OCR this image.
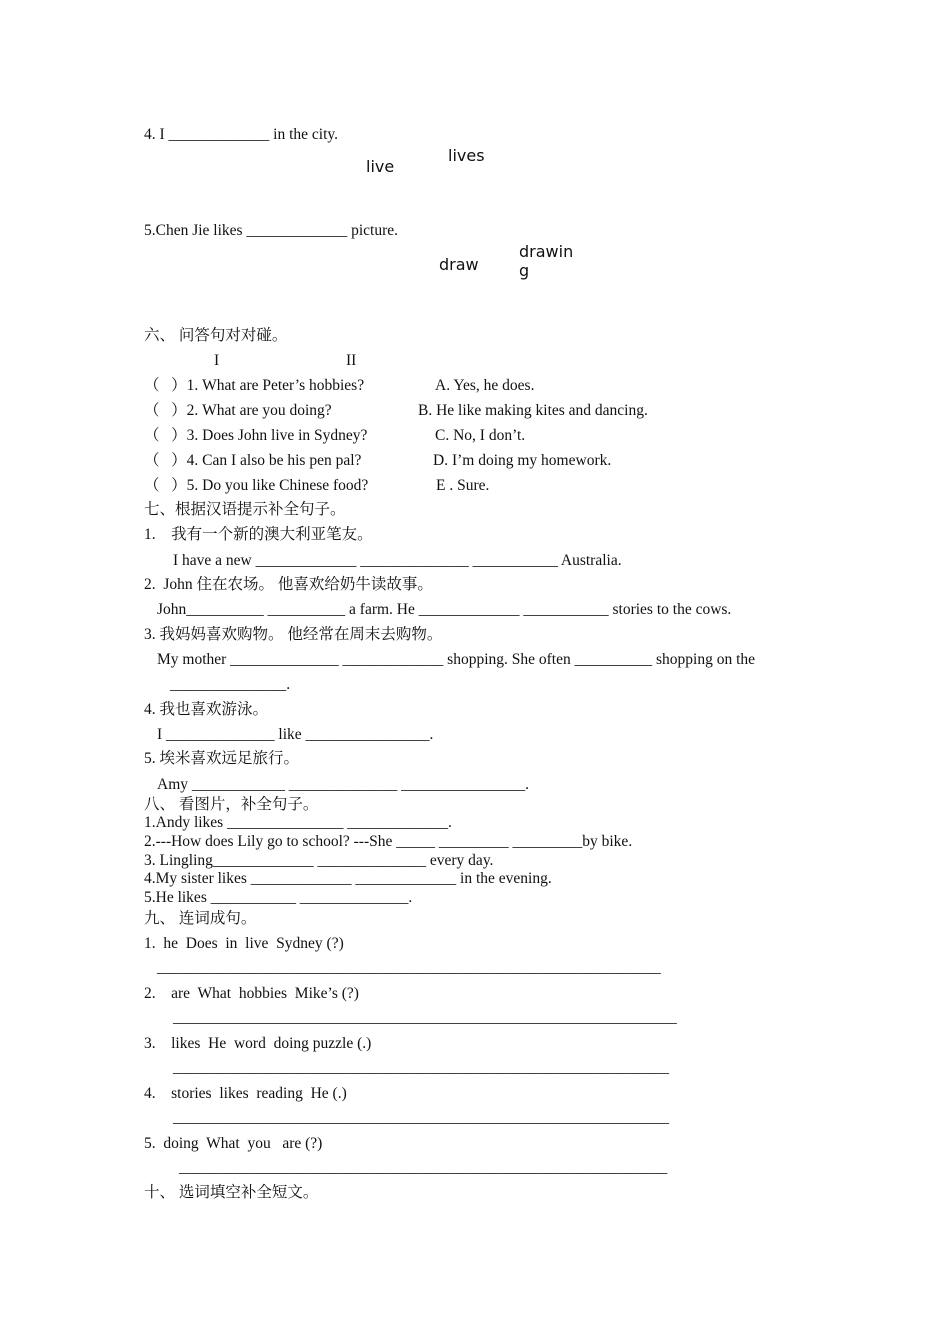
4. I _____________ in the city.
live
lives
5.Chen Jie likes _____________ picture.
draw
drawing
六、 问答句对对碰。
I	II
（   ）1. What are Peter’s hobbies?
（   ）2. What are you doing?
（   ）3. Does John live in Sydney?
（   ）4. Can I also be his pen pal?
（   ）5. Do you like Chinese food?
A. Yes, he does.
B. He like making kites and dancing.
C. No, I don’t.
D. I’m doing my homework.
E . Sure.
七、根据汉语提示补全句子。
1.    我有一个新的澳大利亚笔友。
I have a new _____________ ______________ ___________ Australia.
2.  John 住在农场。 他喜欢给奶牛读故事。
John__________ __________ a farm. He _____________ ___________ stories to the cows.
3. 我妈妈喜欢购物。 他经常在周末去购物。
My mother ______________ _____________ shopping. She often __________ shopping on the
_______________.
4. 我也喜欢游泳。
I ______________ like ________________.
5. 埃米喜欢远足旅行。
Amy ____________ ______________ ________________.
八、 看图片，补全句子。
1.Andy likes _______________ _____________.
2.---How does Lily go to school? ---She _____ _________ _________by bike.
3. Lingling_____________ ______________ every day.
4.My sister likes _____________ _____________ in the evening.
5.He likes ___________ ______________.
九、 连词成句。
1.  he  Does  in  live  Sydney (?)
_________________________________________________________________
2.    are  What  hobbies  Mike’s (?)
_________________________________________________________________
3.    likes  He  word  doing puzzle (.)
________________________________________________________________
4.    stories  likes  reading  He (.)
________________________________________________________________
5.  doing  What  you   are (?)
_______________________________________________________________
十、 选词填空补全短文。
